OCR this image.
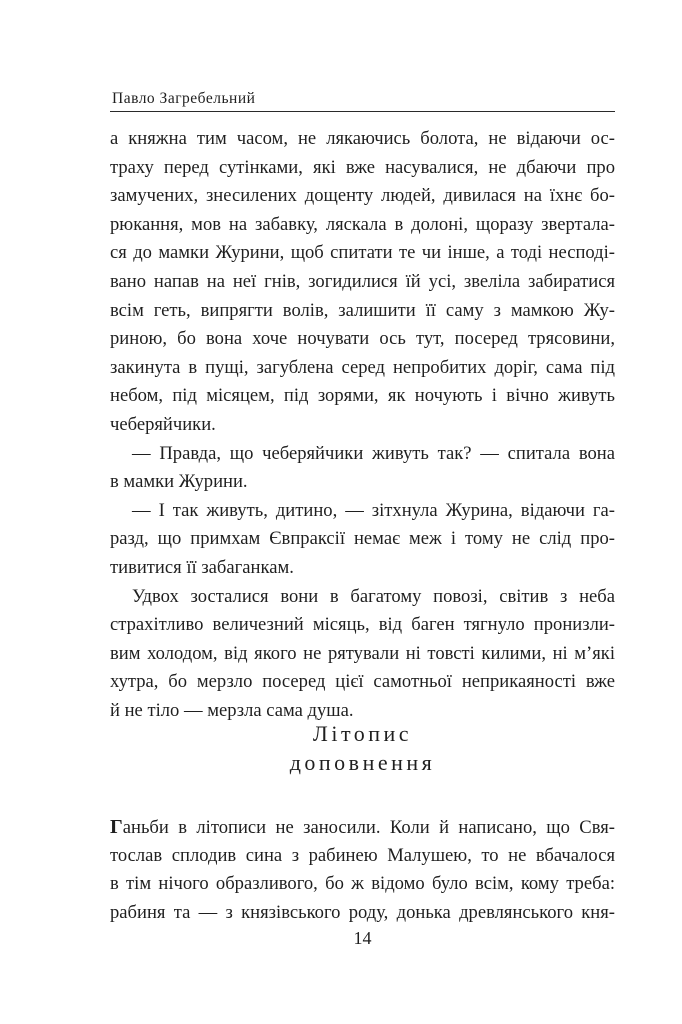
Павло Загребельний
а княжна тим часом, не лякаючись болота, не відаючи ос-
траху перед сутінками, які вже насувалися, не дбаючи про
замучених, знесилених дощенту людей, дивилася на їхнє бо-
рюкання, мов на забавку, ляскала в долоні, щоразу звертала-
ся до мамки Журини, щоб спитати те чи інше, а тоді несподі-
вано напав на неї гнів, зогидилися їй усі, звеліла забиратися
всім геть, випрягти волів, залишити її саму з мамкою Жу-
риною, бо вона хоче ночувати ось тут, посеред трясовини,
закинута в пущі, загублена серед непробитих доріг, сама під
небом, під місяцем, під зорями, як ночують і вічно живуть
чеберяйчики.
— Правда, що чеберяйчики живуть так? — спитала вона
в мамки Журини.
— І так живуть, дитино, — зітхнула Журина, відаючи га-
разд, що примхам Євпраксії немає меж і тому не слід про-
тивитися її забаганкам.
Удвох зосталися вони в багатому повозі, світив з неба
страхітливо величезний місяць, від баген тягнуло пронизли-
вим холодом, від якого не рятували ні товсті килими, ні м’які
хутра, бо мерзло посеред цієї самотньої неприкаяності вже
й не тіло — мерзла сама душа.
Літопис
доповнення
Ганьби в літописи не заносили. Коли й написано, що Свя-
тослав сплодив сина з рабинею Малушею, то не вбачалося
в тім нічого образливого, бо ж відомо було всім, кому треба:
рабиня та — з князівського роду, донька древлянського кня-
14
